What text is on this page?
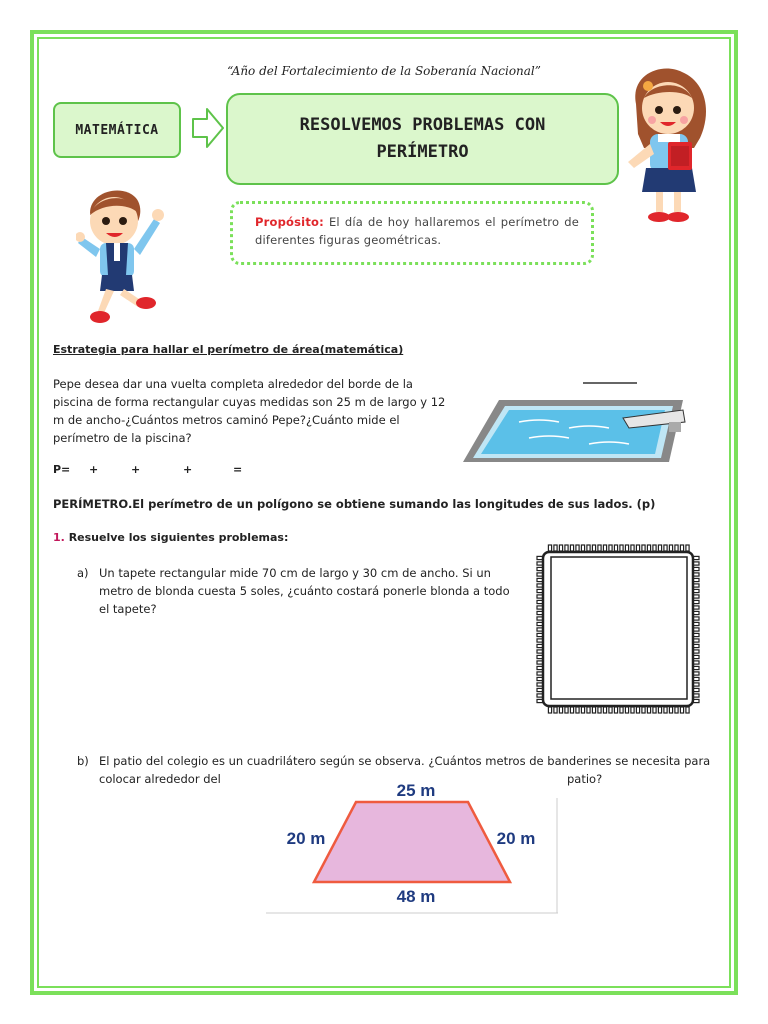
“Año del Fortalecimiento de la Soberanía Nacional”
MATEMÁTICA	RESOLVEMOS PROBLEMAS CON PERÍMETRO
Propósito: El día de hoy hallaremos el perímetro de diferentes figuras geométricas.
Estrategia para hallar el perímetro de área(matemática)
Pepe desea dar una vuelta completa alrededor del borde de la piscina de forma rectangular cuyas medidas son 25 m de largo y 12 m de ancho-¿Cuántos metros caminó Pepe?¿Cuánto mide el perímetro de la piscina?
P= +	+	+	=
PERÍMETRO.El perímetro de un polígono se obtiene sumando las longitudes de sus lados. (p)
1. Resuelve los siguientes problemas:
a) Un tapete rectangular mide 70 cm de largo y 30 cm de ancho. Si un metro de blonda cuesta 5 soles, ¿cuánto costará ponerle blonda a todo el tapete?
b) El patio del colegio es un cuadrilátero según se observa. ¿Cuántos metros de banderines se necesita para
colocar alrededor del	patio?
25 m
20 m	20 m
48 m
